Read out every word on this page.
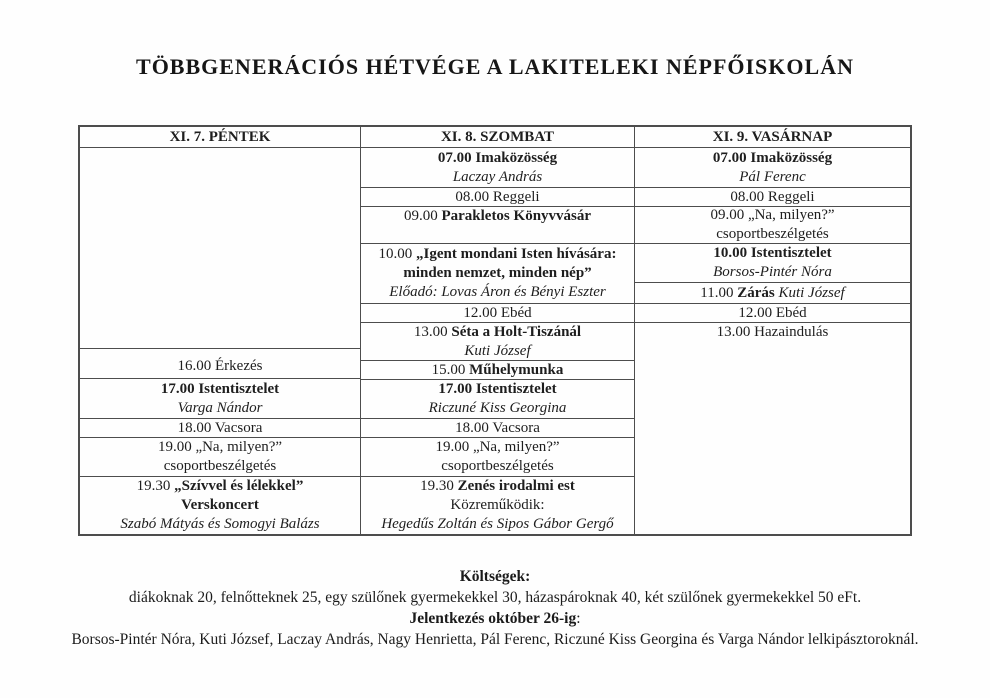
TÖBBGENERÁCIÓS HÉTVÉGE A LAKITELEKI NÉPFŐISKOLÁN
XI. 7. PÉNTEK
16.00 Érkezés
17.00 Istentisztelet
Varga Nándor
18.00 Vacsora
19.00 „Na, milyen?”
csoportbeszélgetés
19.30 „Szívvel és lélekkel”
Verskoncert
Szabó Mátyás és Somogyi Balázs
XI. 8. SZOMBAT
07.00 Imaközösség
Laczay András
08.00 Reggeli
09.00 Parakletos Könyvvásár
10.00 „Igent mondani Isten hívására:
minden nemzet, minden nép”
Előadó: Lovas Áron és Bényi Eszter
12.00 Ebéd
13.00 Séta a Holt-Tiszánál
Kuti József
15.00 Műhelymunka
17.00 Istentisztelet
Riczuné Kiss Georgina
18.00 Vacsora
19.00 „Na, milyen?”
csoportbeszélgetés
19.30 Zenés irodalmi est
Közreműködik:
Hegedűs Zoltán és Sipos Gábor Gergő
XI. 9. VASÁRNAP
07.00 Imaközösség
Pál Ferenc
08.00 Reggeli
09.00 „Na, milyen?”
csoportbeszélgetés
10.00 Istentisztelet
Borsos-Pintér Nóra
11.00 Zárás Kuti József
12.00 Ebéd
13.00 Hazaindulás
Költségek:
diákoknak 20, felnőtteknek 25, egy szülőnek gyermekekkel 30, házaspároknak 40, két szülőnek gyermekekkel 50 eFt.
Jelentkezés október 26-ig:
Borsos-Pintér Nóra, Kuti József, Laczay András, Nagy Henrietta, Pál Ferenc, Riczuné Kiss Georgina és Varga Nándor lelkipásztoroknál.
